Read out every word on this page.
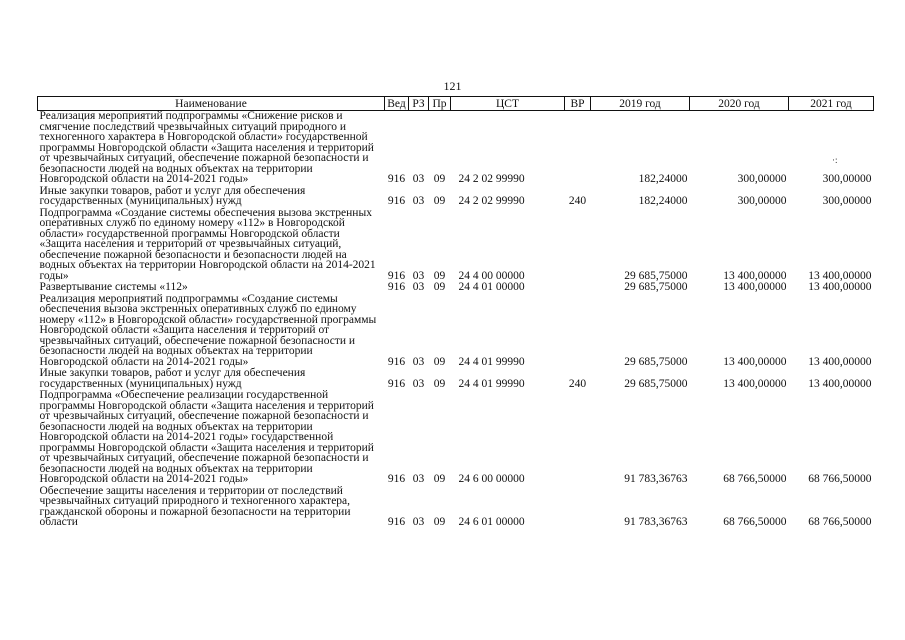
121
·:
Наименование	Вед	РЗ	Пр	ЦСТ	ВР	2019 год	2020 год	2021 год
Реализация мероприятий подпрограммы «Снижение рисков и смягчение последствий чрезвычайных ситуаций природного и техногенного характера в Новгородской области» государственной программы Новгородской области «Защита населения и территорий от чрезвычайных ситуаций, обеспечение пожарной безопасности и безопасности людей на водных объектах на территории Новгородской области на 2014-2021 годы»	916	03	09	24 2 02 99990		182,24000	300,00000	300,00000
Иные закупки товаров, работ и услуг для обеспечения государственных (муниципальных) нужд	916	03	09	24 2 02 99990	240	182,24000	300,00000	300,00000
Подпрограмма «Создание системы обеспечения вызова экстренных оперативных служб по единому номеру «112» в Новгородской области» государственной программы Новгородской области «Защита населения и территорий от чрезвычайных ситуаций, обеспечение пожарной безопасности и безопасности людей на водных объектах на территории Новгородской области на 2014-2021 годы»	916	03	09	24 4 00 00000		29 685,75000	13 400,00000	13 400,00000
Развертывание системы «112»	916	03	09	24 4 01 00000		29 685,75000	13 400,00000	13 400,00000
Реализация мероприятий подпрограммы «Создание системы обеспечения вызова экстренных оперативных служб по единому номеру «112» в Новгородской области» государственной программы Новгородской области «Защита населения и территорий от чрезвычайных ситуаций, обеспечение пожарной безопасности и безопасности людей на водных объектах на территории Новгородской области на 2014-2021 годы»	916	03	09	24 4 01 99990		29 685,75000	13 400,00000	13 400,00000
Иные закупки товаров, работ и услуг для обеспечения государственных (муниципальных) нужд	916	03	09	24 4 01 99990	240	29 685,75000	13 400,00000	13 400,00000
Подпрограмма «Обеспечение реализации государственной программы Новгородской области «Защита населения и территорий от чрезвычайных ситуаций, обеспечение пожарной безопасности и безопасности людей на водных объектах на территории Новгородской области на 2014-2021 годы» государственной программы Новгородской области «Защита населения и территорий от чрезвычайных ситуаций, обеспечение пожарной безопасности и безопасности людей на водных объектах на территории Новгородской области на 2014-2021 годы»	916	03	09	24 6 00 00000		91 783,36763	68 766,50000	68 766,50000
Обеспечение защиты населения и территории от последствий чрезвычайных ситуаций природного и техногенного характера, гражданской обороны и пожарной безопасности на территории области	916	03	09	24 6 01 00000		91 783,36763	68 766,50000	68 766,50000
